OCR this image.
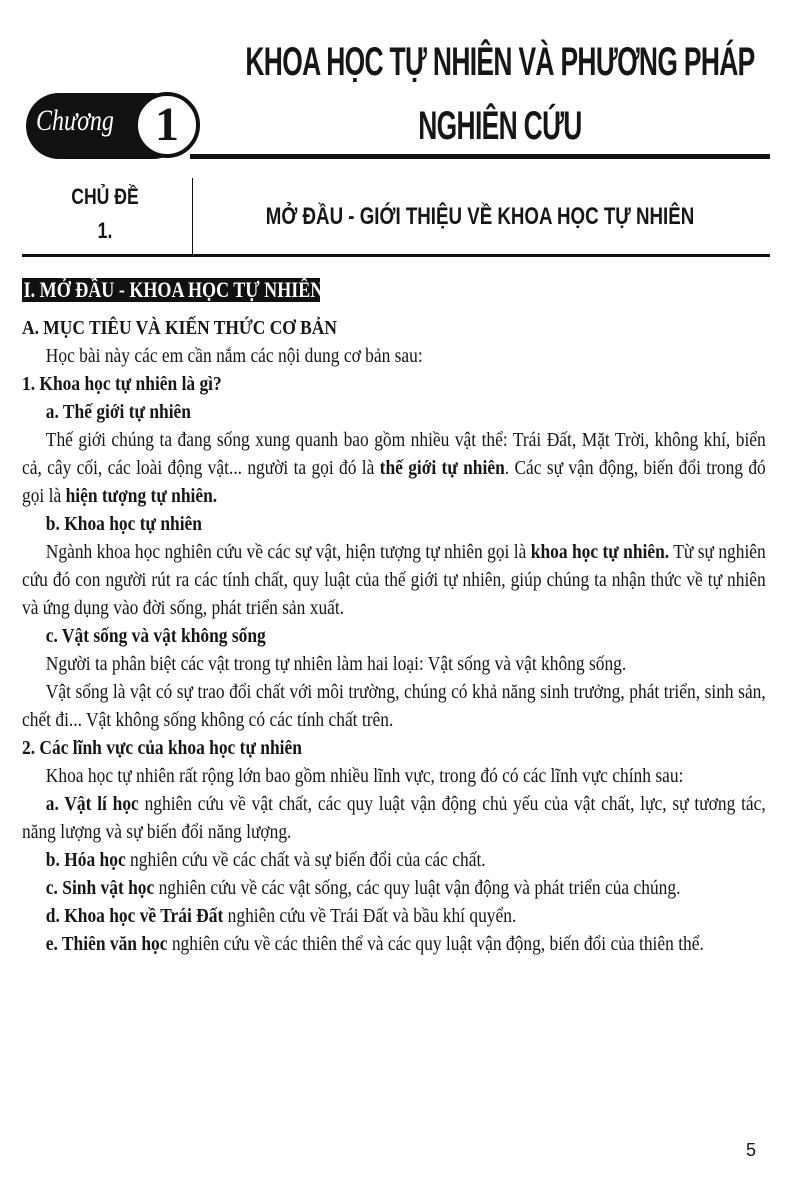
KHOA HỌC TỰ NHIÊN VÀ PHƯƠNG PHÁP
NGHIÊN CỨU
Chương 1
CHỦ ĐỀ
1.
MỞ ĐẦU - GIỚI THIỆU VỀ KHOA HỌC TỰ NHIÊN
I. MỞ ĐẦU - KHOA HỌC TỰ NHIÊN LÀ GÌ?

A. MỤC TIÊU VÀ KIẾN THỨC CƠ BẢN

Học bài này các em cần nắm các nội dung cơ bản sau:

1. Khoa học tự nhiên là gì?

a. Thế giới tự nhiên

Thế giới chúng ta đang sống xung quanh bao gồm nhiều vật thể: Trái Đất, Mặt Trời, không khí, biển cả, cây cối, các loài động vật... người ta gọi đó là thế giới tự nhiên. Các sự vận động, biến đổi trong đó gọi là hiện tượng tự nhiên.

b. Khoa học tự nhiên

Ngành khoa học nghiên cứu về các sự vật, hiện tượng tự nhiên gọi là khoa học tự nhiên. Từ sự nghiên cứu đó con người rút ra các tính chất, quy luật của thế giới tự nhiên, giúp chúng ta nhận thức về tự nhiên và ứng dụng vào đời sống, phát triển sản xuất.

c. Vật sống và vật không sống

Người ta phân biệt các vật trong tự nhiên làm hai loại: Vật sống và vật không sống.

Vật sống là vật có sự trao đổi chất với môi trường, chúng có khả năng sinh trưởng, phát triển, sinh sản, chết đi... Vật không sống không có các tính chất trên.

2. Các lĩnh vực của khoa học tự nhiên

Khoa học tự nhiên rất rộng lớn bao gồm nhiều lĩnh vực, trong đó có các lĩnh vực chính sau:

a. Vật lí học nghiên cứu về vật chất, các quy luật vận động chủ yếu của vật chất, lực, sự tương tác, năng lượng và sự biến đổi năng lượng.

b. Hóa học nghiên cứu về các chất và sự biến đổi của các chất.

c. Sinh vật học nghiên cứu về các vật sống, các quy luật vận động và phát triển của chúng.

d. Khoa học về Trái Đất nghiên cứu về Trái Đất và bầu khí quyển.

e. Thiên văn học nghiên cứu về các thiên thể và các quy luật vận động, biến đổi của thiên thể.

5
